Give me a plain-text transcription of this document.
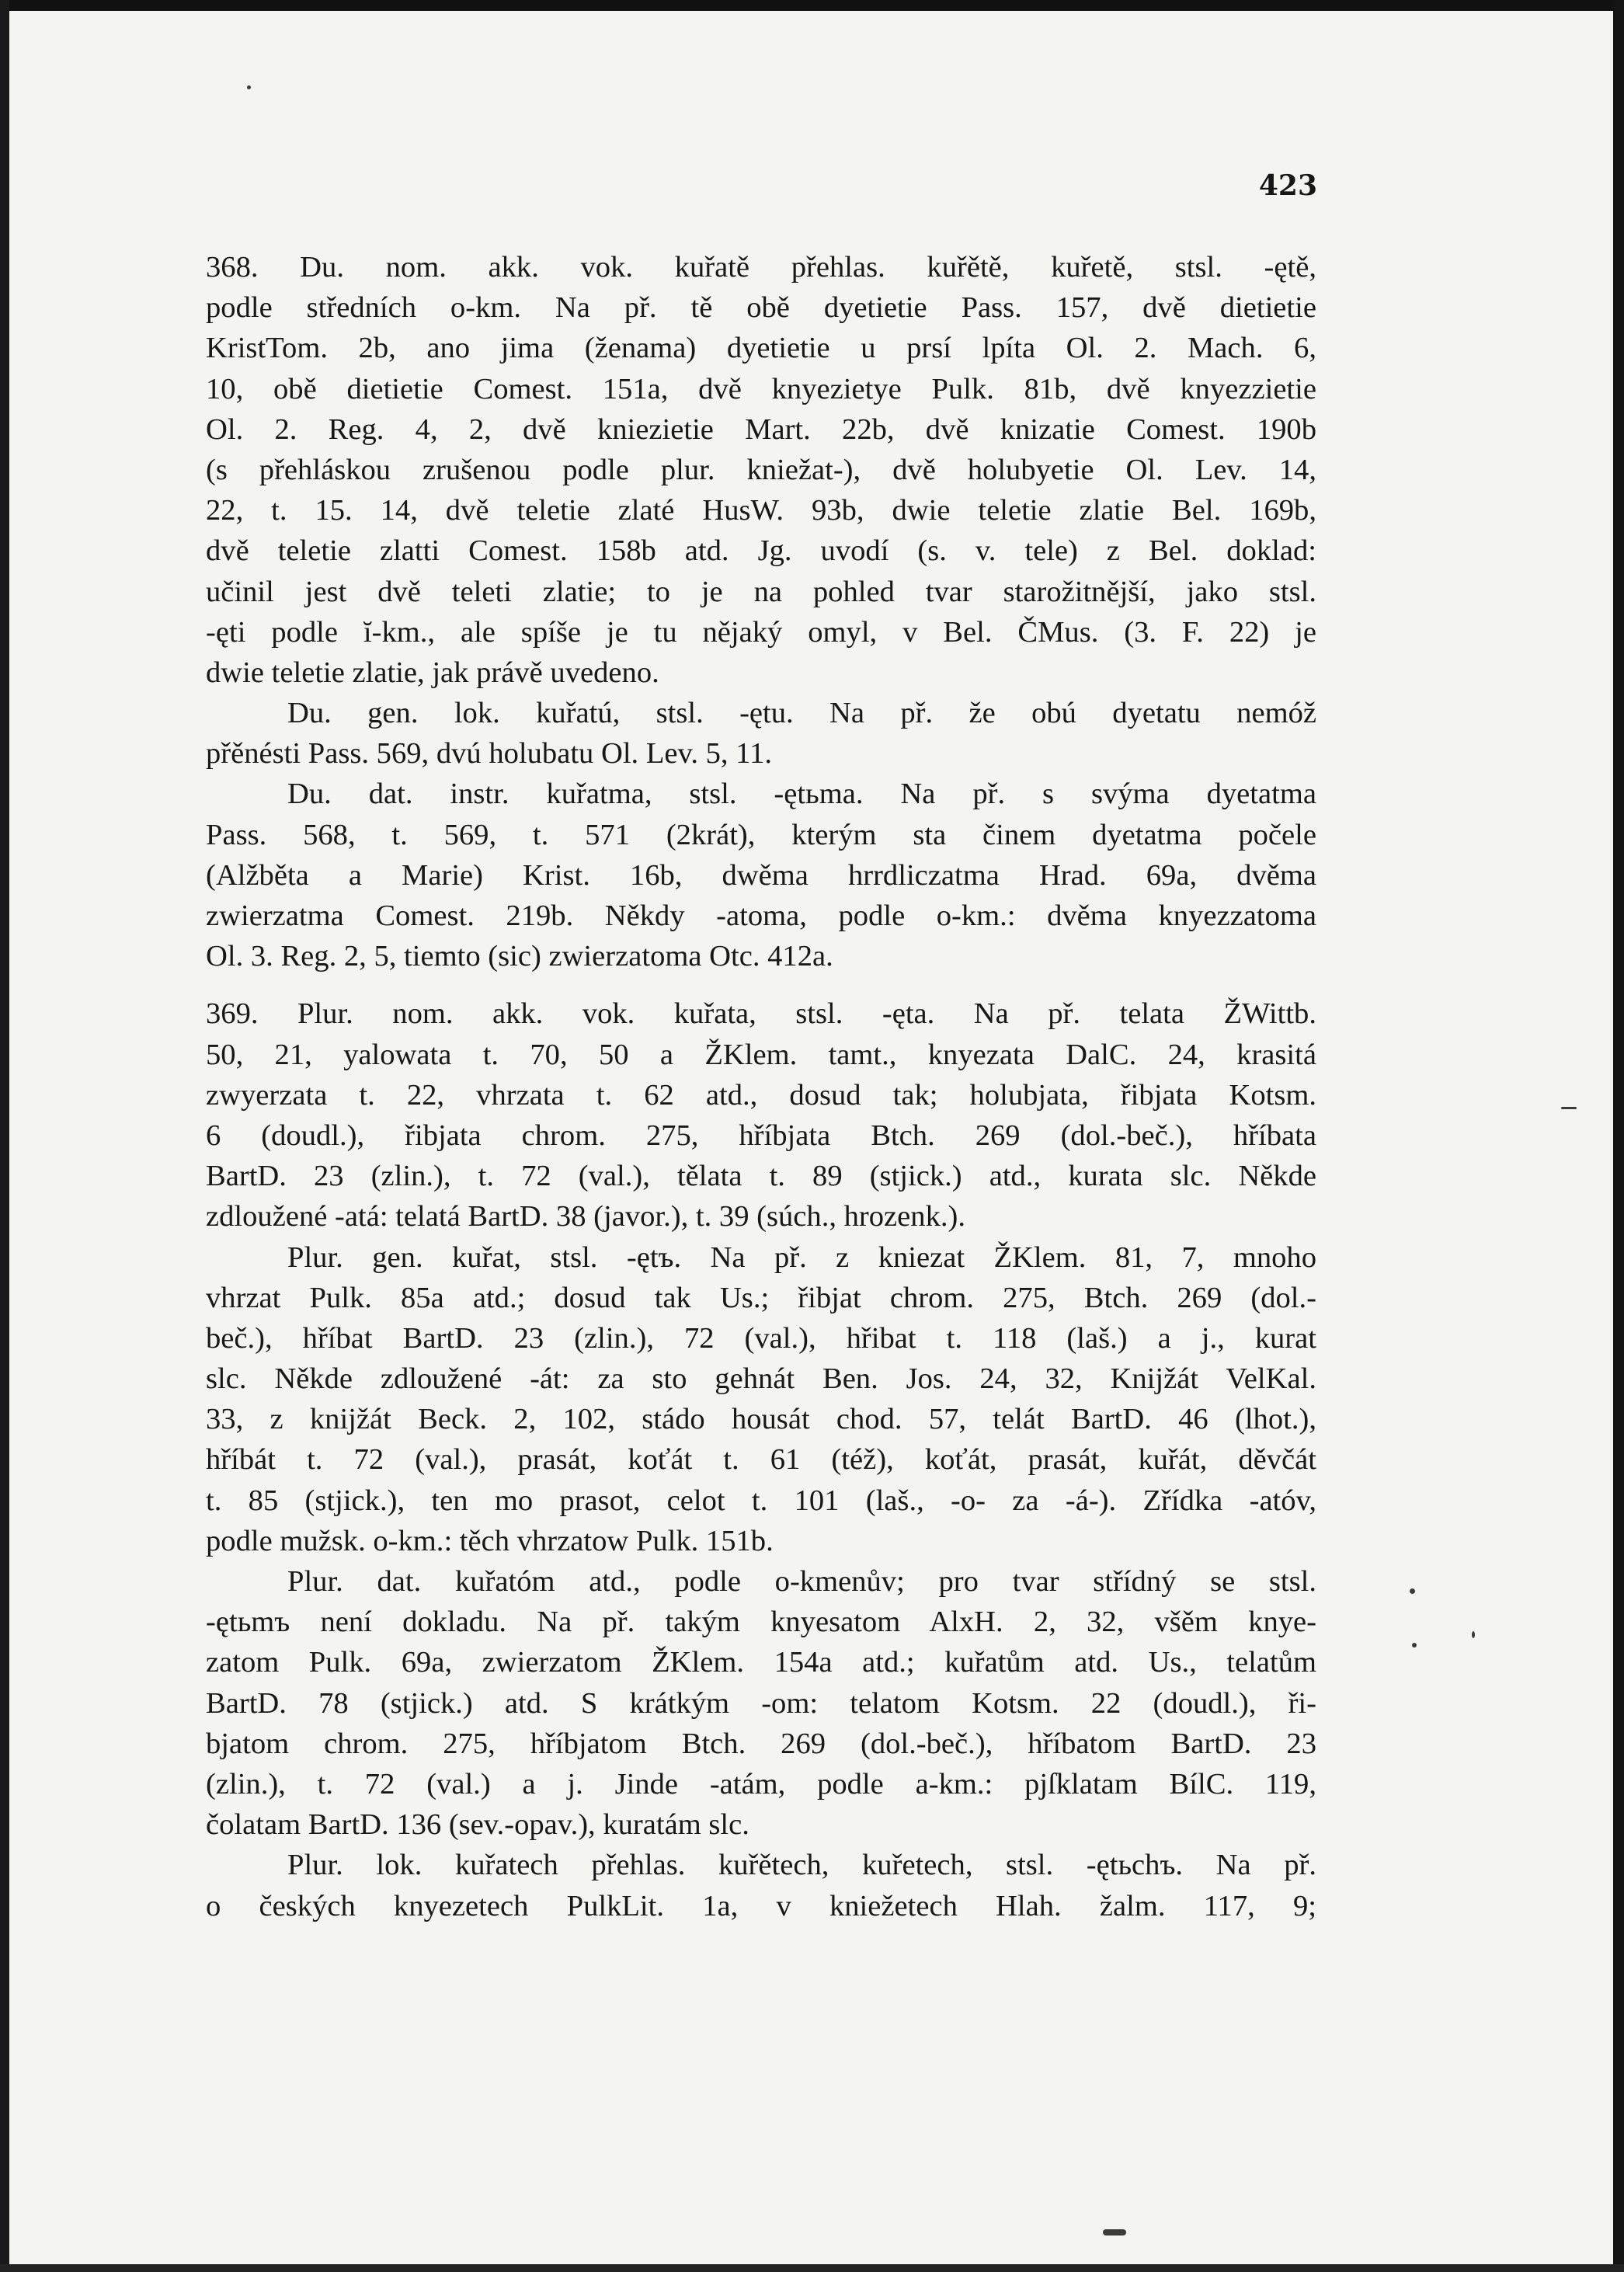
423
368. Du. nom. akk. vok. kuřatě přehlas. kuřětě, kuřetě, stsl. -ętě,
podle středních o-km. Na př. tě obě dyetietie Pass. 157, dvě dietietie
KristTom. 2b, ano jima (ženama) dyetietie u prsí lpíta Ol. 2. Mach. 6,
10, obě dietietie Comest. 151a, dvě knyezietye Pulk. 81b, dvě knyezzietie
Ol. 2. Reg. 4, 2, dvě kniezietie Mart. 22b, dvě knizatie Comest. 190b
(s přehláskou zrušenou podle plur. kniežat-), dvě holubyetie Ol. Lev. 14,
22, t. 15. 14, dvě teletie zlaté HusW. 93b, dwie teletie zlatie Bel. 169b,
dvě teletie zlatti Comest. 158b atd. Jg. uvodí (s. v. tele) z Bel. doklad:
učinil jest dvě teleti zlatie; to je na pohled tvar starožitnější, jako stsl.
-ęti podle ĭ-km., ale spíše je tu nějaký omyl, v Bel. ČMus. (3. F. 22) je
dwie teletie zlatie, jak právě uvedeno.
Du. gen. lok. kuřatú, stsl. -ętu. Na př. že obú dyetatu nemóž
přěnésti Pass. 569, dvú holubatu Ol. Lev. 5, 11.
Du. dat. instr. kuřatma, stsl. -ętьma. Na př. s svýma dyetatma
Pass. 568, t. 569, t. 571 (2krát), kterým sta činem dyetatma počele
(Alžběta a Marie) Krist. 16b, dwěma hrrdliczatma Hrad. 69a, dvěma
zwierzatma Comest. 219b. Někdy -atoma, podle o-km.: dvěma knyezzatoma
Ol. 3. Reg. 2, 5, tiemto (sic) zwierzatoma Otc. 412a.
369. Plur. nom. akk. vok. kuřata, stsl. -ęta. Na př. telata ŽWittb.
50, 21, yalowata t. 70, 50 a ŽKlem. tamt., knyezata DalC. 24, krasitá
zwyerzata t. 22, vhrzata t. 62 atd., dosud tak; holubjata, řibjata Kotsm.
6 (doudl.), řibjata chrom. 275, hříbjata Btch. 269 (dol.-beč.), hříbata
BartD. 23 (zlin.), t. 72 (val.), tělata t. 89 (stjick.) atd., kurata slc. Někde
zdloužené -atá: telatá BartD. 38 (javor.), t. 39 (súch., hrozenk.).
Plur. gen. kuřat, stsl. -ętъ. Na př. z kniezat ŽKlem. 81, 7, mnoho
vhrzat Pulk. 85a atd.; dosud tak Us.; řibjat chrom. 275, Btch. 269 (dol.-
beč.), hříbat BartD. 23 (zlin.), 72 (val.), hřibat t. 118 (laš.) a j., kurat
slc. Někde zdloužené -át: za sto gehnát Ben. Jos. 24, 32, Knijžát VelKal.
33, z knijžát Beck. 2, 102, stádo housát chod. 57, telát BartD. 46 (lhot.),
hříbát t. 72 (val.), prasát, koťát t. 61 (též), koťát, prasát, kuřát, děvčát
t. 85 (stjick.), ten mo prasot, celot t. 101 (laš., -o- za -á-). Zřídka -atóv,
podle mužsk. o-km.: těch vhrzatow Pulk. 151b.
Plur. dat. kuřatóm atd., podle o-kmenův; pro tvar střídný se stsl.
-ętьmъ není dokladu. Na př. takým knyesatom AlxH. 2, 32, všěm knye-
zatom Pulk. 69a, zwierzatom ŽKlem. 154a atd.; kuřatům atd. Us., telatům
BartD. 78 (stjick.) atd. S krátkým -om: telatom Kotsm. 22 (doudl.), ři-
bjatom chrom. 275, hříbjatom Btch. 269 (dol.-beč.), hříbatom BartD. 23
(zlin.), t. 72 (val.) a j. Jinde -atám, podle a-km.: pjſklatam BílC. 119,
čolatam BartD. 136 (sev.-opav.), kuratám slc.
Plur. lok. kuřatech přehlas. kuřětech, kuřetech, stsl. -ętьchъ. Na př.
o českých knyezetech PulkLit. 1a, v kniežetech Hlah. žalm. 117, 9;
